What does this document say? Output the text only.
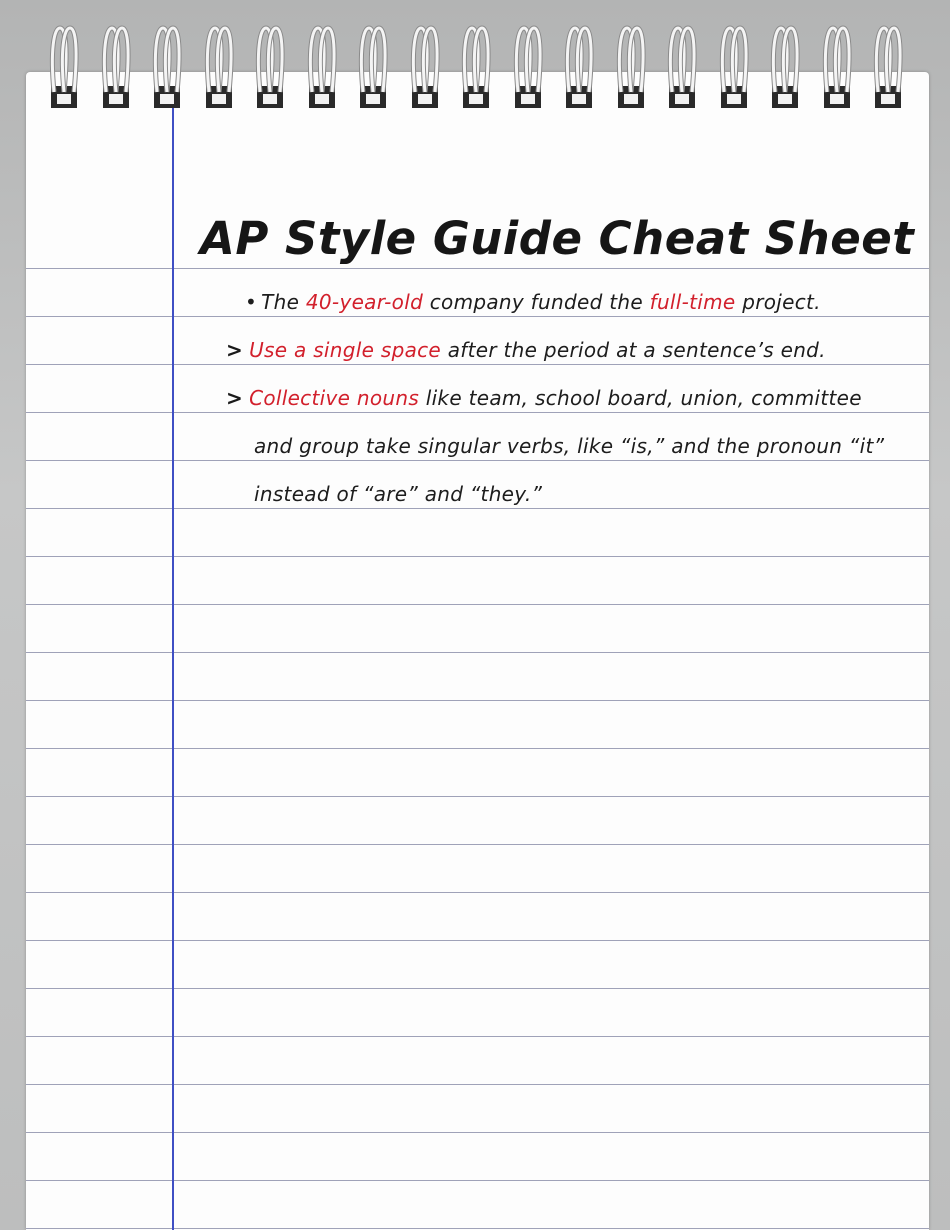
AP Style Guide Cheat Sheet
• The 40-year-old company funded the full-time project.
> Use a single space after the period at a sentence’s end.
> Collective nouns like team, school board, union, committee
and group take singular verbs, like “is,” and the pronoun “it”
instead of “are” and “they.”
